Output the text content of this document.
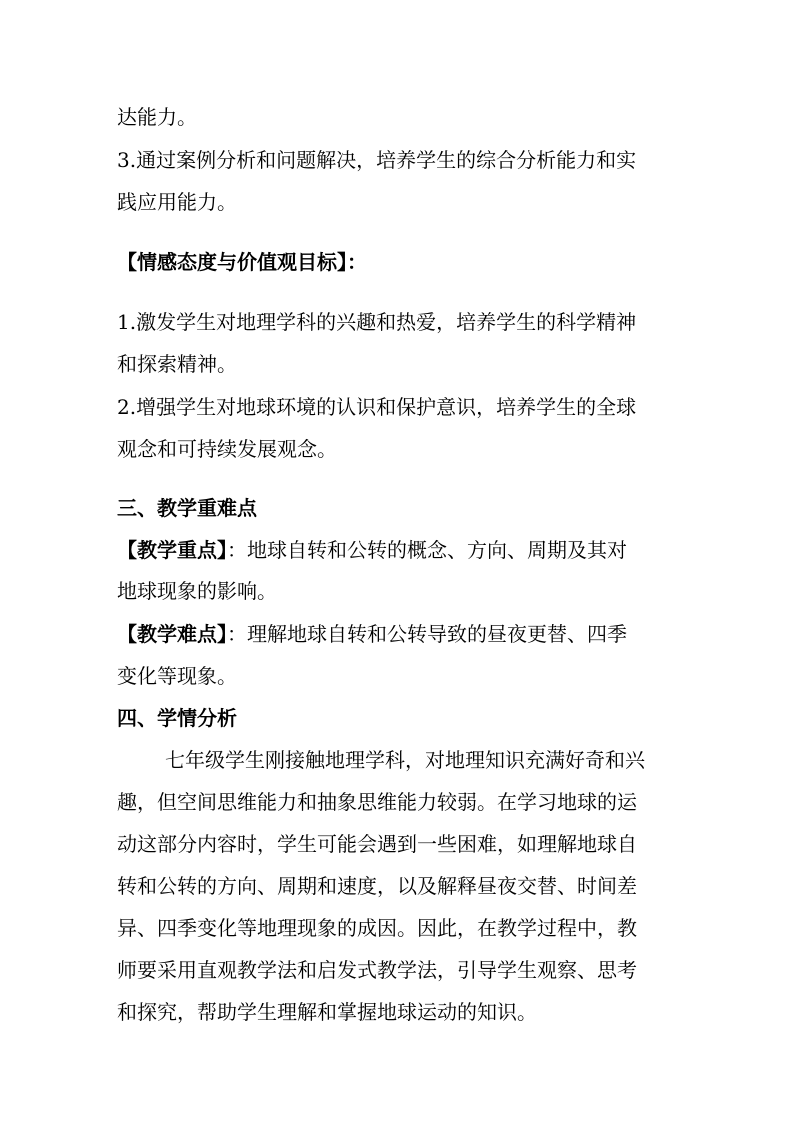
达能力。
3.通过案例分析和问题解决，培养学生的综合分析能力和实
践应用能力。
【情感态度与价值观目标】：
1.激发学生对地理学科的兴趣和热爱，培养学生的科学精神
和探索精神。
2.增强学生对地球环境的认识和保护意识，培养学生的全球
观念和可持续发展观念。
三、教学重难点
【教学重点】：地球自转和公转的概念、方向、周期及其对
地球现象的影响。
【教学难点】：理解地球自转和公转导致的昼夜更替、四季
变化等现象。
四、学情分析
七年级学生刚接触地理学科，对地理知识充满好奇和兴
趣，但空间思维能力和抽象思维能力较弱。在学习地球的运
动这部分内容时，学生可能会遇到一些困难，如理解地球自
转和公转的方向、周期和速度，以及解释昼夜交替、时间差
异、四季变化等地理现象的成因。因此，在教学过程中，教
师要采用直观教学法和启发式教学法，引导学生观察、思考
和探究，帮助学生理解和掌握地球运动的知识。
